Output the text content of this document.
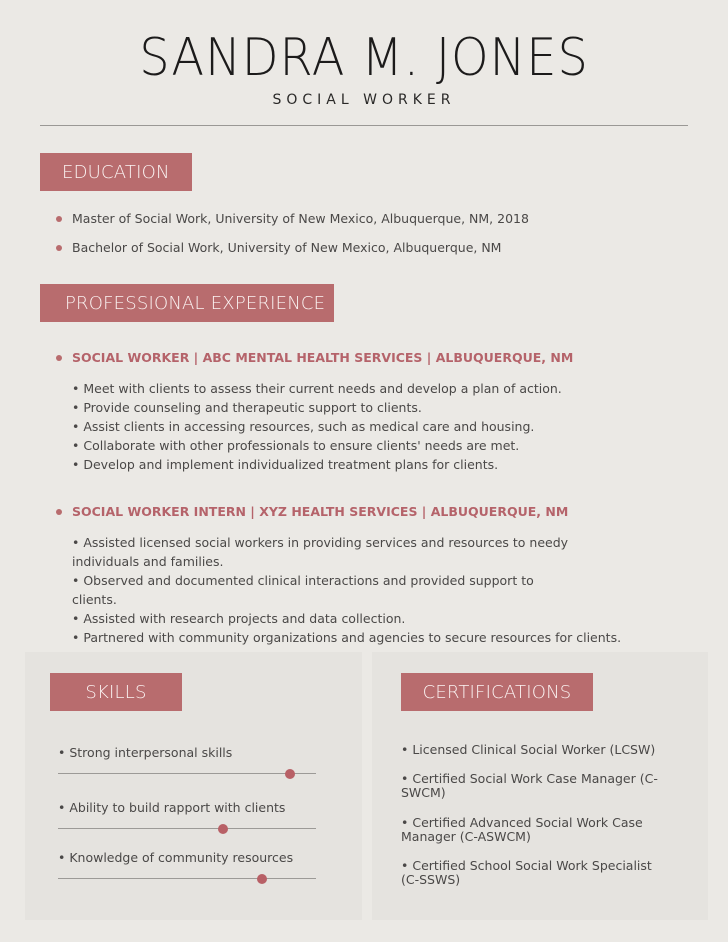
SANDRA M. JONES
SOCIAL WORKER
EDUCATION
Master of Social Work, University of New Mexico, Albuquerque, NM, 2018
Bachelor of Social Work, University of New Mexico, Albuquerque, NM
PROFESSIONAL EXPERIENCE
SOCIAL WORKER | ABC MENTAL HEALTH SERVICES | ALBUQUERQUE, NM
• Meet with clients to assess their current needs and develop a plan of action.
• Provide counseling and therapeutic support to clients.
• Assist clients in accessing resources, such as medical care and housing.
• Collaborate with other professionals to ensure clients' needs are met.
• Develop and implement individualized treatment plans for clients.
SOCIAL WORKER INTERN | XYZ HEALTH SERVICES | ALBUQUERQUE, NM
• Assisted licensed social workers in providing services and resources to needy individuals and families.
• Observed and documented clinical interactions and provided support to clients.
• Assisted with research projects and data collection.
• Partnered with community organizations and agencies to secure resources for clients.
SKILLS
• Strong interpersonal skills
• Ability to build rapport with clients
• Knowledge of community resources
CERTIFICATIONS
• Licensed Clinical Social Worker (LCSW)
• Certified Social Work Case Manager (C-SWCM)
• Certified Advanced Social Work Case Manager (C-ASWCM)
• Certified School Social Work Specialist (C-SSWS)
